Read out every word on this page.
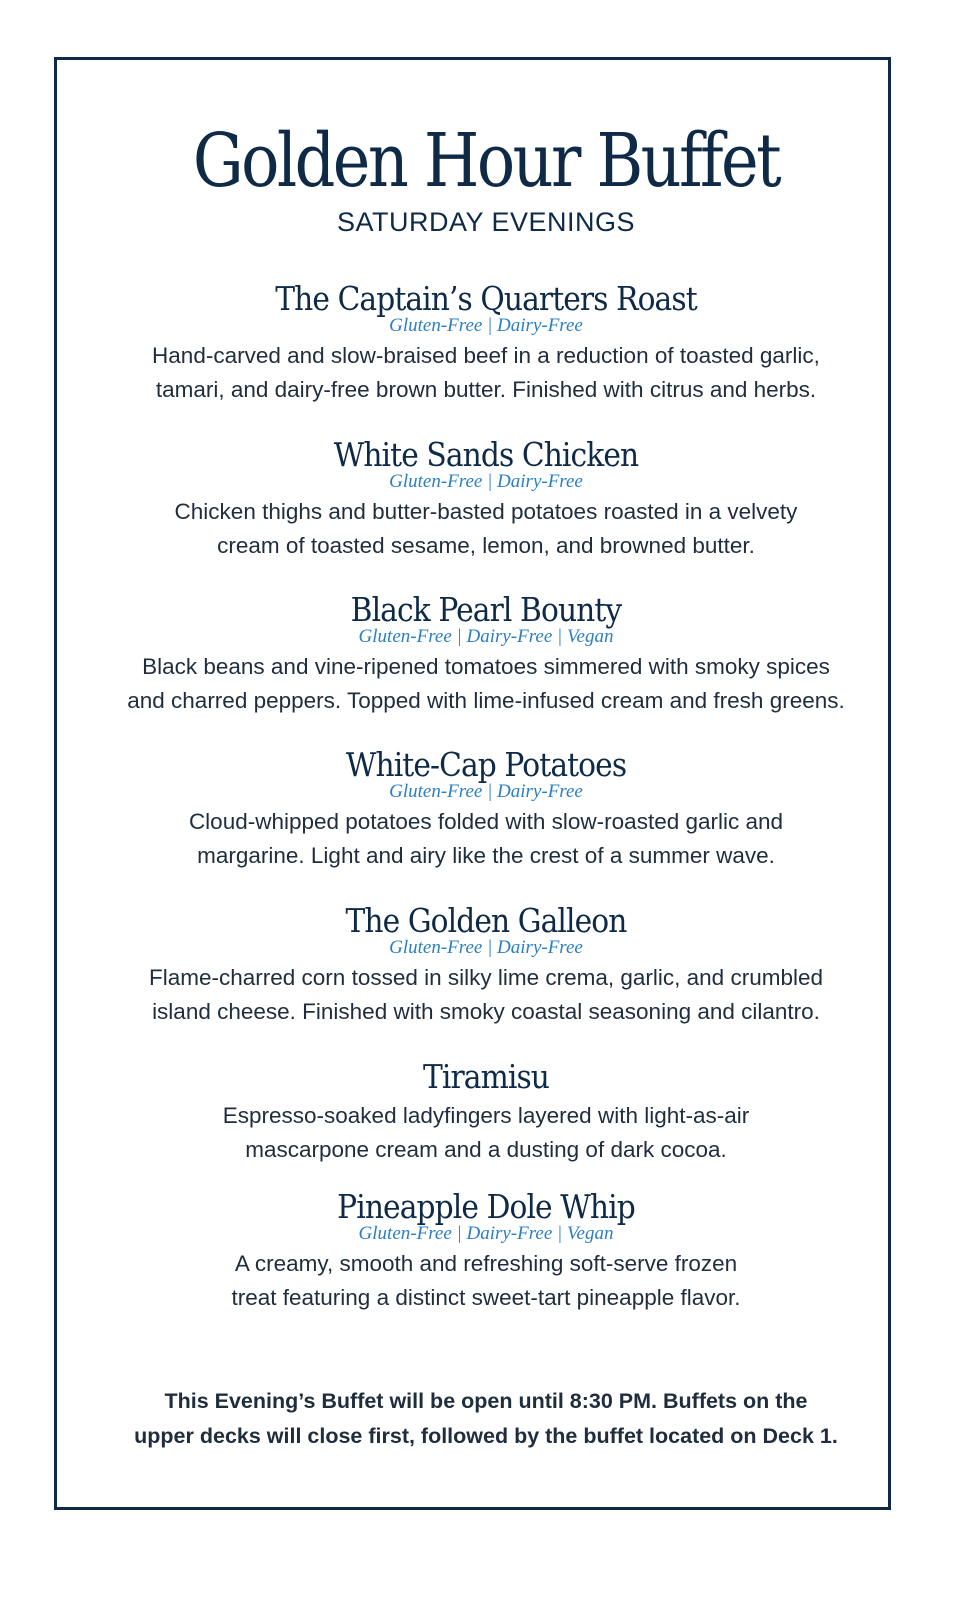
Golden Hour Buffet
SATURDAY EVENINGS
The Captain’s Quarters Roast
Gluten-Free | Dairy-Free
Hand-carved and slow-braised beef in a reduction of toasted garlic,
tamari, and dairy-free brown butter. Finished with citrus and herbs.
White Sands Chicken
Gluten-Free | Dairy-Free
Chicken thighs and butter-basted potatoes roasted in a velvety
cream of toasted sesame, lemon, and browned butter.
Black Pearl Bounty
Gluten-Free | Dairy-Free | Vegan
Black beans and vine-ripened tomatoes simmered with smoky spices
and charred peppers. Topped with lime-infused cream and fresh greens.
White-Cap Potatoes
Gluten-Free | Dairy-Free
Cloud-whipped potatoes folded with slow-roasted garlic and
margarine. Light and airy like the crest of a summer wave.
The Golden Galleon
Gluten-Free | Dairy-Free
Flame-charred corn tossed in silky lime crema, garlic, and crumbled
island cheese. Finished with smoky coastal seasoning and cilantro.
Tiramisu
Espresso-soaked ladyfingers layered with light-as-air
mascarpone cream and a dusting of dark cocoa.
Pineapple Dole Whip
Gluten-Free | Dairy-Free | Vegan
A creamy, smooth and refreshing soft-serve frozen
treat featuring a distinct sweet-tart pineapple flavor.
This Evening’s Buffet will be open until 8:30 PM. Buffets on the
upper decks will close first, followed by the buffet located on Deck 1.
